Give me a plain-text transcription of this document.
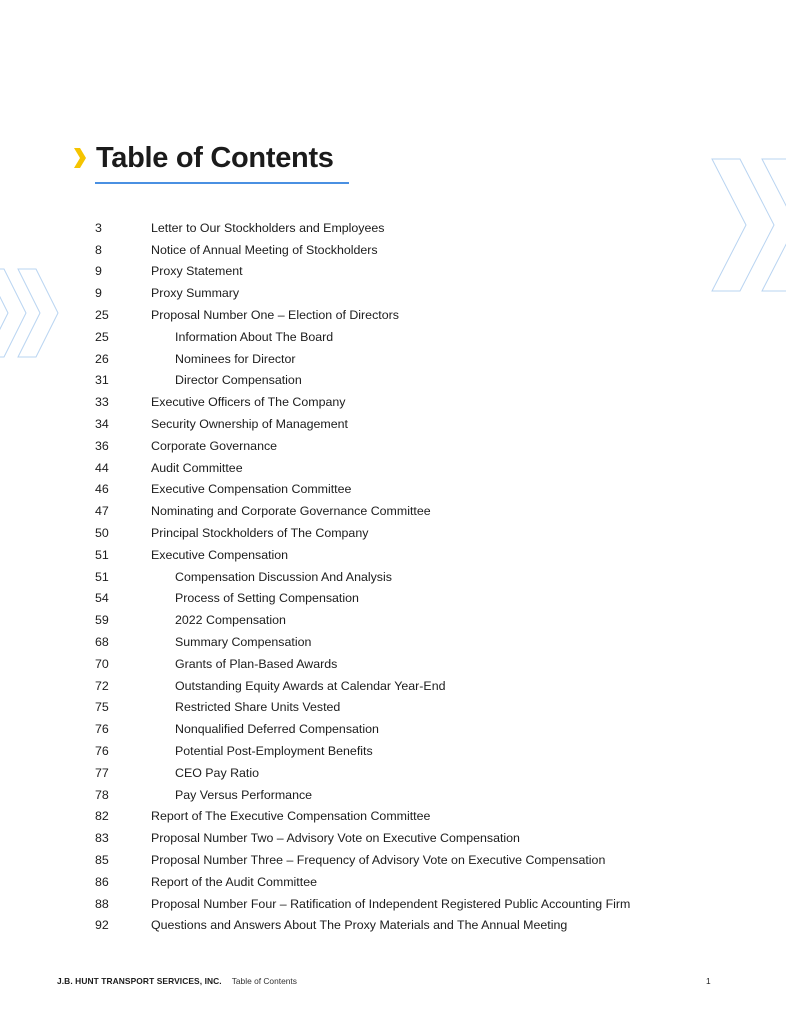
Table of Contents
3	Letter to Our Stockholders and Employees
8	Notice of Annual Meeting of Stockholders
9	Proxy Statement
9	Proxy Summary
25	Proposal Number One – Election of Directors
25	Information About The Board
26	Nominees for Director
31	Director Compensation
33	Executive Officers of The Company
34	Security Ownership of Management
36	Corporate Governance
44	Audit Committee
46	Executive Compensation Committee
47	Nominating and Corporate Governance Committee
50	Principal Stockholders of The Company
51	Executive Compensation
51	Compensation Discussion And Analysis
54	Process of Setting Compensation
59	2022 Compensation
68	Summary Compensation
70	Grants of Plan-Based Awards
72	Outstanding Equity Awards at Calendar Year-End
75	Restricted Share Units Vested
76	Nonqualified Deferred Compensation
76	Potential Post-Employment Benefits
77	CEO Pay Ratio
78	Pay Versus Performance
82	Report of The Executive Compensation Committee
83	Proposal Number Two – Advisory Vote on Executive Compensation
85	Proposal Number Three – Frequency of Advisory Vote on Executive Compensation
86	Report of the Audit Committee
88	Proposal Number Four – Ratification of Independent Registered Public Accounting Firm
92	Questions and Answers About The Proxy Materials and The Annual Meeting
J.B. HUNT TRANSPORT SERVICES, INC. Table of Contents	1
